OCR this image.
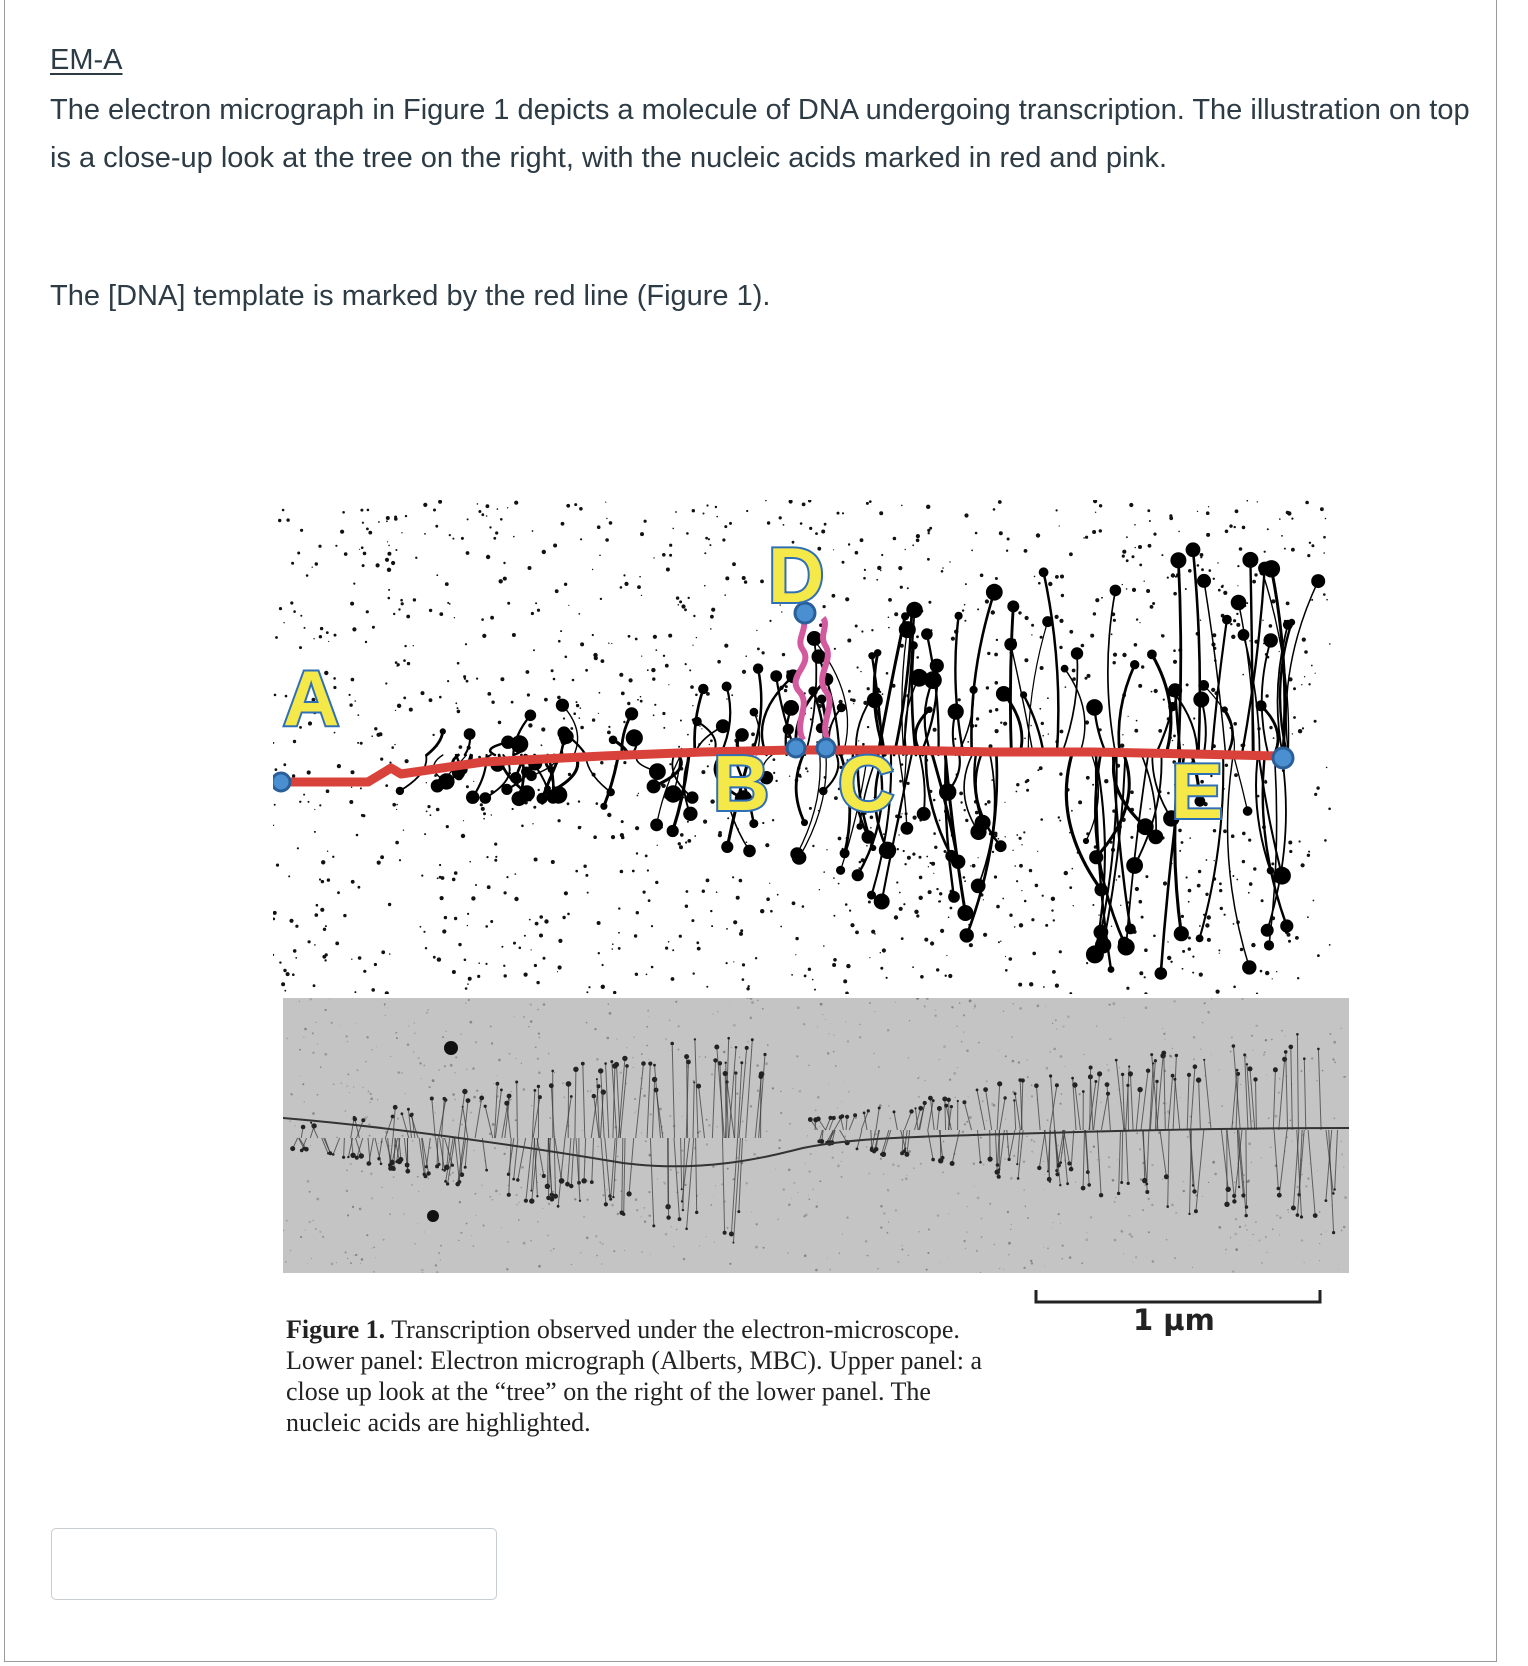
EM-A
The electron micrograph in Figure 1 depicts a molecule of DNA undergoing transcription. The illustration on top is a close-up look at the tree on the right, with the nucleic acids marked in red and pink.
The [DNA] template is marked by the red line (Figure 1).
A
B C
D
E
1 µm
Figure 1. Transcription observed under the electron-microscope. Lower panel: Electron micrograph (Alberts, MBC). Upper panel: a close up look at the “tree” on the right of the lower panel. The nucleic acids are highlighted.
